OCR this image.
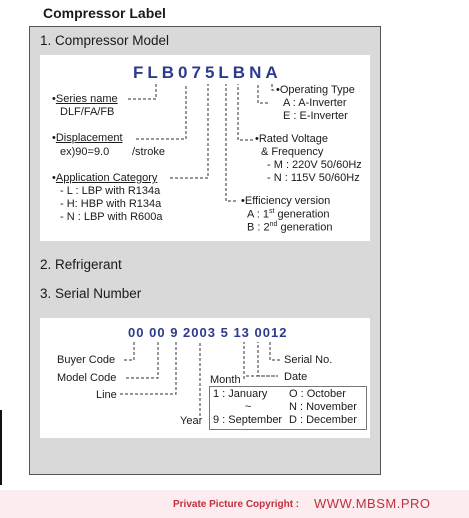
Compressor Label
1. Compressor Model
FLB075LBNA
•Series name
DLF/FA/FB
•Displacement
ex)90=9.0 /stroke
•Application Category
- L : LBP with R134a
- H: HBP with R134a
- N : LBP with R600a
•Operating Type
A : A-Inverter
E : E-Inverter
•Rated Voltage
& Frequency
- M : 220V 50/60Hz
- N : 115V 50/60Hz
•Efficiency version
A : 1st generation
B : 2nd generation
2. Refrigerant
3. Serial Number
00 00 9 2003 5 13 0012
Buyer Code
Model Code
Line
Year
Month	Date
Serial No.
1 : January O : October
~	N : November
9 : September D : December
Private Picture Copyright : WWW.MBSM.PRO
